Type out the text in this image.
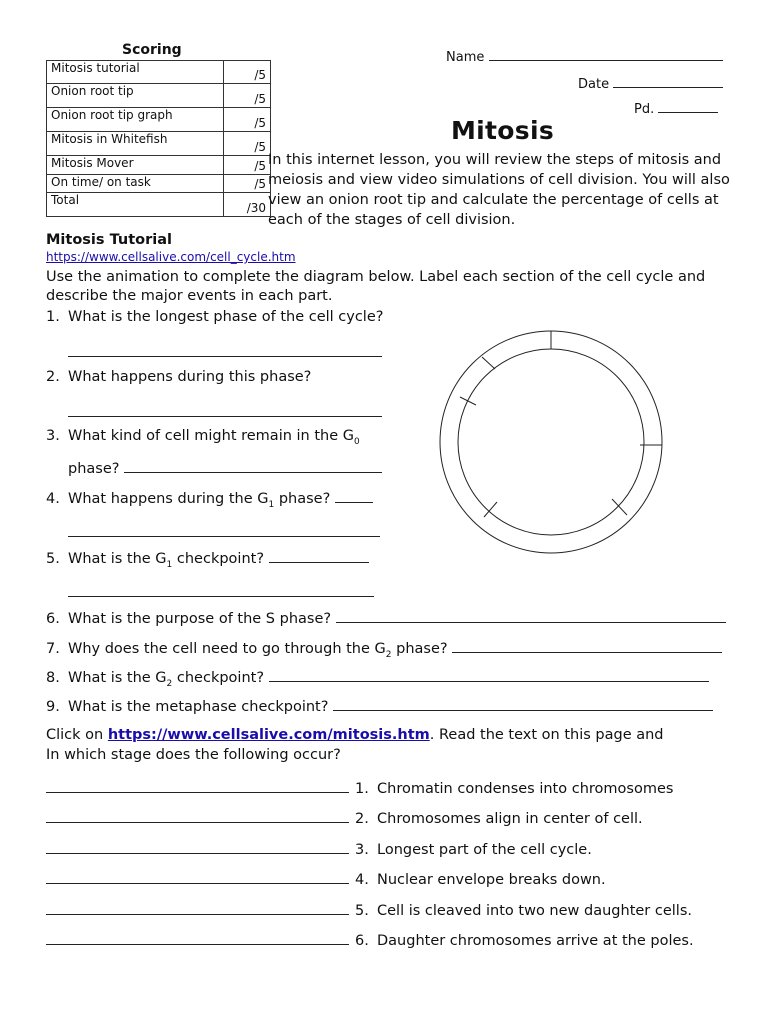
Scoring
Mitosis tutorial	/5
Onion root tip	/5
Onion root tip graph	/5
Mitosis in Whitefish	/5
Mitosis Mover	/5
On time/ on task	/5
Total	/30
Name
Date
Pd.
Mitosis
In this internet lesson, you will review the steps of mitosis and meiosis and view video simulations of cell division. You will also view an onion root tip and calculate the percentage of cells at each of the stages of cell division.
Mitosis Tutorial
https://www.cellsalive.com/cell_cycle.htm
Use the animation to complete the diagram below. Label each section of the cell cycle and describe the major events in each part.
1. What is the longest phase of the cell cycle?
2. What happens during this phase?
3. What kind of cell might remain in the $G_0$
phase?
4. What happens during the $G_1$ phase?
5. What is the $G_1$ checkpoint?
6. What is the purpose of the S phase?
7. Why does the cell need to go through the $G_2$ phase?
8. What is the $G_2$ checkpoint?
9. What is the metaphase checkpoint?
Click on https://www.cellsalive.com/mitosis.htm. Read the text on this page and
In which stage does the following occur?
1. Chromatin condenses into chromosomes
2. Chromosomes align in center of cell.
3. Longest part of the cell cycle.
4. Nuclear envelope breaks down.
5. Cell is cleaved into two new daughter cells.
6. Daughter chromosomes arrive at the poles.
